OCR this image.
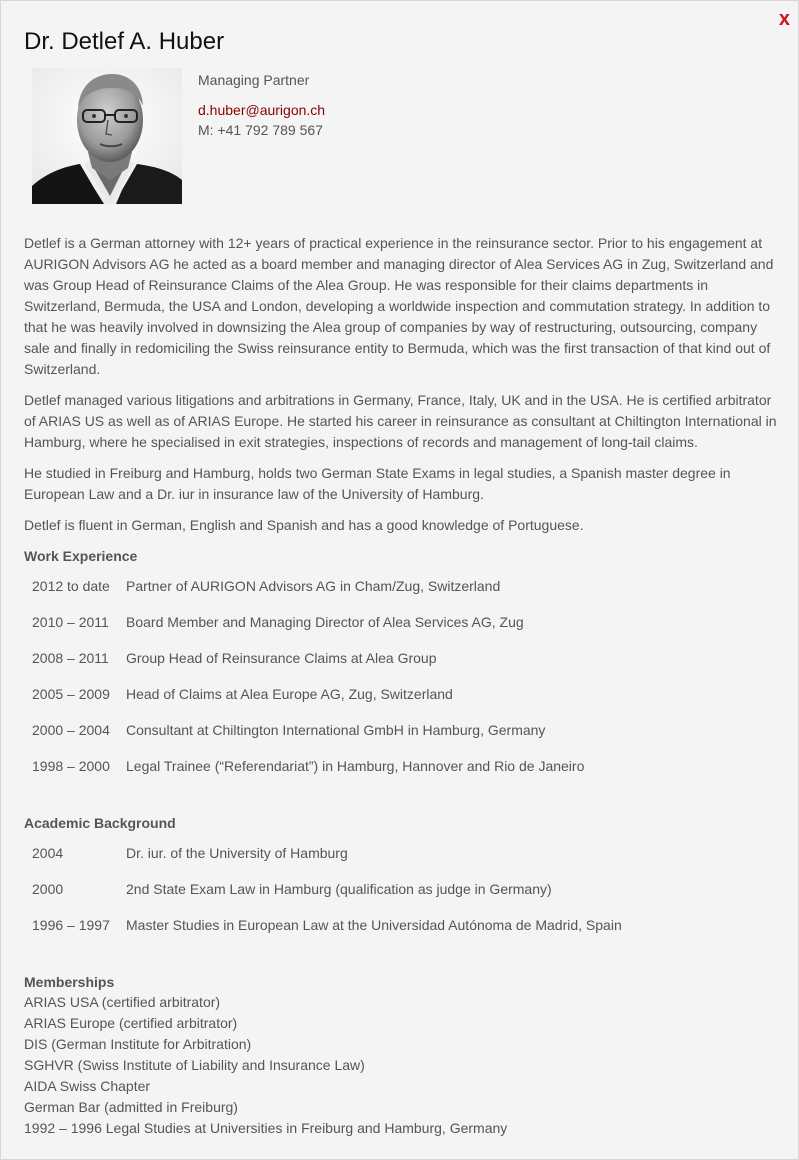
x
Dr. Detlef A. Huber
Managing Partner
d.huber@aurigon.ch
M: +41 792 789 567

Detlef is a German attorney with 12+ years of practical experience in the reinsurance sector. Prior to his engagement at AURIGON Advisors AG he acted as a board member and managing director of Alea Services AG in Zug, Switzerland and was Group Head of Reinsurance Claims of the Alea Group. He was responsible for their claims departments in Switzerland, Bermuda, the USA and London, developing a worldwide inspection and commutation strategy. In addition to that he was heavily involved in downsizing the Alea group of companies by way of restructuring, outsourcing, company sale and finally in redomiciling the Swiss reinsurance entity to Bermuda, which was the first transaction of that kind out of Switzerland.

Detlef managed various litigations and arbitrations in Germany, France, Italy, UK and in the USA. He is certified arbitrator of ARIAS US as well as of ARIAS Europe. He started his career in reinsurance as consultant at Chiltington International in Hamburg, where he specialised in exit strategies, inspections of records and management of long-tail claims.

He studied in Freiburg and Hamburg, holds two German State Exams in legal studies, a Spanish master degree in European Law and a Dr. iur in insurance law of the University of Hamburg.

Detlef is fluent in German, English and Spanish and has a good knowledge of Portuguese.

Work Experience
2012 to date	Partner of AURIGON Advisors AG in Cham/Zug, Switzerland
2010 – 2011	Board Member and Managing Director of Alea Services AG, Zug
2008 – 2011	Group Head of Reinsurance Claims at Alea Group
2005 – 2009	Head of Claims at Alea Europe AG, Zug, Switzerland
2000 – 2004	Consultant at Chiltington International GmbH in Hamburg, Germany
1998 – 2000	Legal Trainee (“Referendariat”) in Hamburg, Hannover and Rio de Janeiro
Academic Background
2004	Dr. iur. of the University of Hamburg
2000	2nd State Exam Law in Hamburg (qualification as judge in Germany)
1996 – 1997	Master Studies in European Law at the Universidad Autónoma de Madrid, Spain
Memberships
ARIAS USA (certified arbitrator)
ARIAS Europe (certified arbitrator)
DIS (German Institute for Arbitration)
SGHVR (Swiss Institute of Liability and Insurance Law)
AIDA Swiss Chapter
German Bar (admitted in Freiburg)
1992 – 1996 Legal Studies at Universities in Freiburg and Hamburg, Germany
